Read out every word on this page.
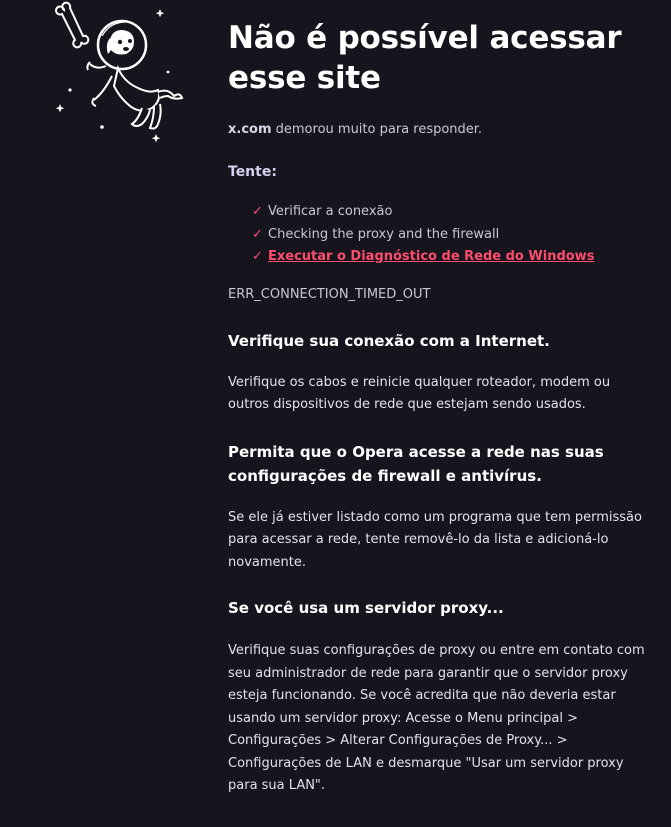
Não é possível acessar esse site
x.com demorou muito para responder.
Tente:
✓ Verificar a conexão
✓ Checking the proxy and the firewall
✓ Executar o Diagnóstico de Rede do Windows
ERR_CONNECTION_TIMED_OUT
Verifique sua conexão com a Internet.

Verifique os cabos e reinicie qualquer roteador, modem ou outros dispositivos de rede que estejam sendo usados.

Permita que o Opera acesse a rede nas suas configurações de firewall e antivírus.

Se ele já estiver listado como um programa que tem permissão para acessar a rede, tente removê-lo da lista e adicioná-lo novamente.

Se você usa um servidor proxy...

Verifique suas configurações de proxy ou entre em contato com seu administrador de rede para garantir que o servidor proxy esteja funcionando. Se você acredita que não deveria estar usando um servidor proxy: Acesse o Menu principal > Configurações > Alterar Configurações de Proxy... > Configurações de LAN e desmarque "Usar um servidor proxy para sua LAN".
